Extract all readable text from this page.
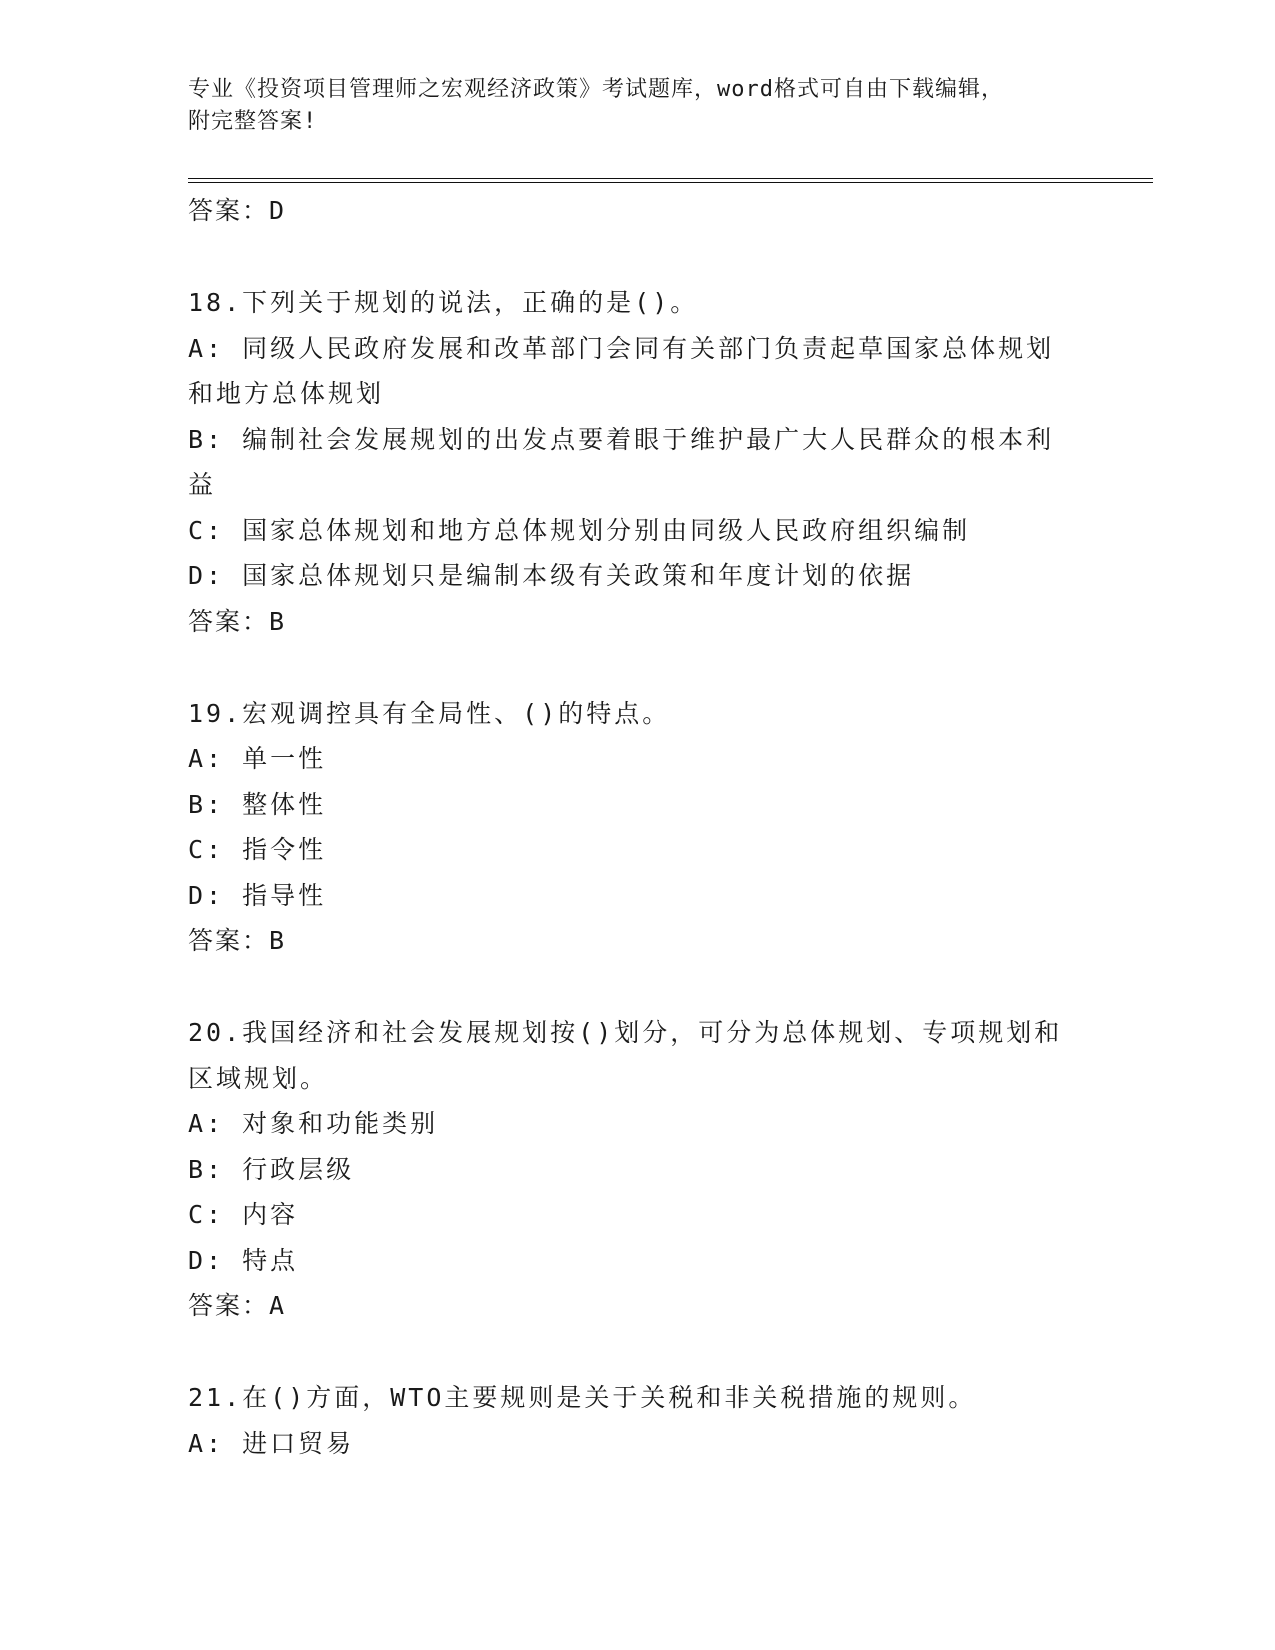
专业《投资项目管理师之宏观经济政策》考试题库，word格式可自由下载编辑，
附完整答案!
答案：D
18.下列关于规划的说法，正确的是()。
A: 同级人民政府发展和改革部门会同有关部门负责起草国家总体规划
和地方总体规划
B: 编制社会发展规划的出发点要着眼于维护最广大人民群众的根本利
益
C: 国家总体规划和地方总体规划分别由同级人民政府组织编制
D: 国家总体规划只是编制本级有关政策和年度计划的依据
答案：B
19.宏观调控具有全局性、()的特点。
A: 单一性
B: 整体性
C: 指令性
D: 指导性
答案：B
20.我国经济和社会发展规划按()划分，可分为总体规划、专项规划和
区域规划。
A: 对象和功能类别
B: 行政层级
C: 内容
D: 特点
答案：A
21.在()方面，WTO主要规则是关于关税和非关税措施的规则。
A: 进口贸易
